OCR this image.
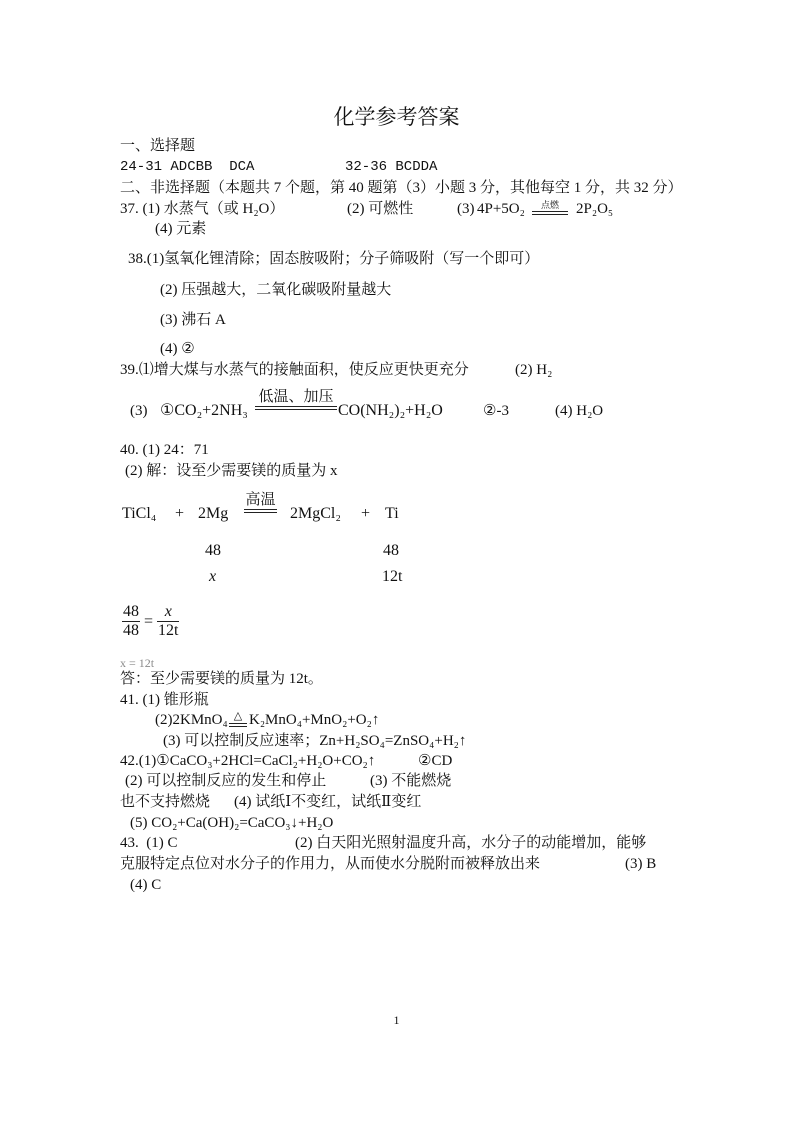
化学参考答案
一、选择题
24-31 ADCBB  DCA	32-36 BCDDA
二、非选择题（本题共 7 个题，第 40 题第（3）小题 3 分，其他每空 1 分，共 32 分）
37. (1) 水蒸气（或 H₂O）	(2) 可燃性	(3) 4P+5O₂ 点燃 2P₂O₅
(4) 元素
38.(1)氢氧化锂清除；固态胺吸附；分子筛吸附（写一个即可）
(2) 压强越大，二氧化碳吸附量越大
(3) 沸石 A
(4) ②
39.⑴增大煤与水蒸气的接触面积，使反应更快更充分	(2) H₂
(3) ①CO₂+2NH₃
低温、加压
CO(NH₂)₂+H₂O	②-3	(4) H₂O
40. (1) 24：71
(2) 解：设至少需要镁的质量为 x
TiCl₄ + 2Mg
高温
2MgCl₂ + Ti
48	48
x	12t
$\frac{48}{48} = \frac{x}{12t}$
x = 12t
答：至少需要镁的质量为 12t。
41. (1) 锥形瓶
(2)2KMnO₄ △ K₂MnO₄+MnO₂+O₂↑
(3) 可以控制反应速率；Zn+H₂SO₄=ZnSO₄+H₂↑
42.(1)①CaCO₃+2HCl=CaCl₂+H₂O+CO₂↑	②CD
(2) 可以控制反应的发生和停止	(3) 不能燃烧
也不支持燃烧 (4) 试纸Ⅰ不变红，试纸Ⅱ变红
(5) CO₂+Ca(OH)₂=CaCO₃↓+H₂O
43.  (1) C	(2) 白天阳光照射温度升高，水分子的动能增加，能够
克服特定点位对水分子的作用力，从而使水分脱附而被释放出来	(3) B
(4) C
1
